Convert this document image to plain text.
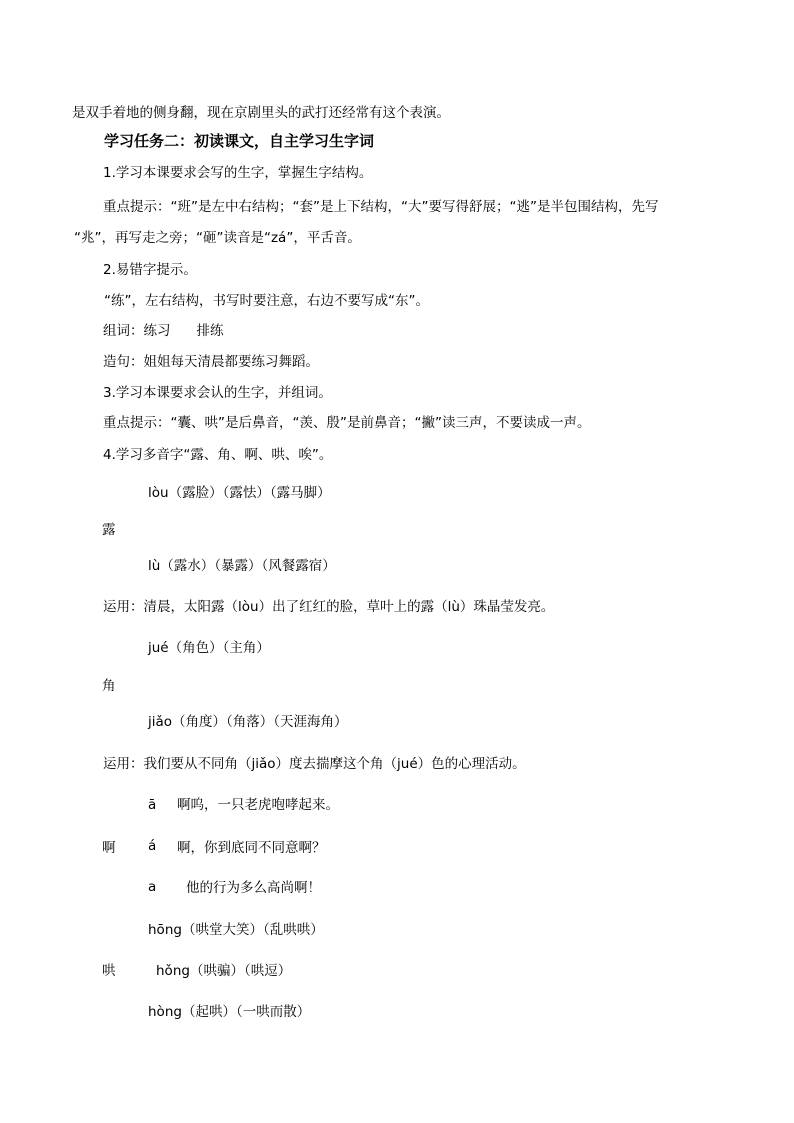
是双手着地的侧身翻，现在京剧里头的武打还经常有这个表演。
学习任务二：初读课文，自主学习生字词
1.学习本课要求会写的生字，掌握生字结构。
重点提示：“班”是左中右结构；“套”是上下结构，“大”要写得舒展；“逃”是半包围结构，先写
“兆”，再写走之旁；“砸”读音是“zá”，平舌音。
2.易错字提示。
“练”，左右结构，书写时要注意，右边不要写成“东”。
组词：练习 排练
造句：姐姐每天清晨都要练习舞蹈。
3.学习本课要求会认的生字，并组词。
重点提示：“囊、哄”是后鼻音，“羡、殷”是前鼻音；“撇”读三声，不要读成一声。
4.学习多音字“露、角、啊、哄、唉”。
lòu（露脸）（露怯）（露马脚）
露
lù（露水）（暴露）（风餐露宿）
运用：清晨，太阳露（lòu）出了红红的脸，草叶上的露（lù）珠晶莹发亮。
jué（角色）（主角）
角
jiǎo（角度）（角落）（天涯海角）
运用：我们要从不同角（jiǎo）度去揣摩这个角（jué）色的心理活动。
ā 啊呜，一只老虎咆哮起来。
啊 á 啊，你到底同不同意啊？
a 他的行为多么高尚啊！
hōng（哄堂大笑）（乱哄哄）
哄	hǒng（哄骗）（哄逗）
hòng（起哄）（一哄而散）
